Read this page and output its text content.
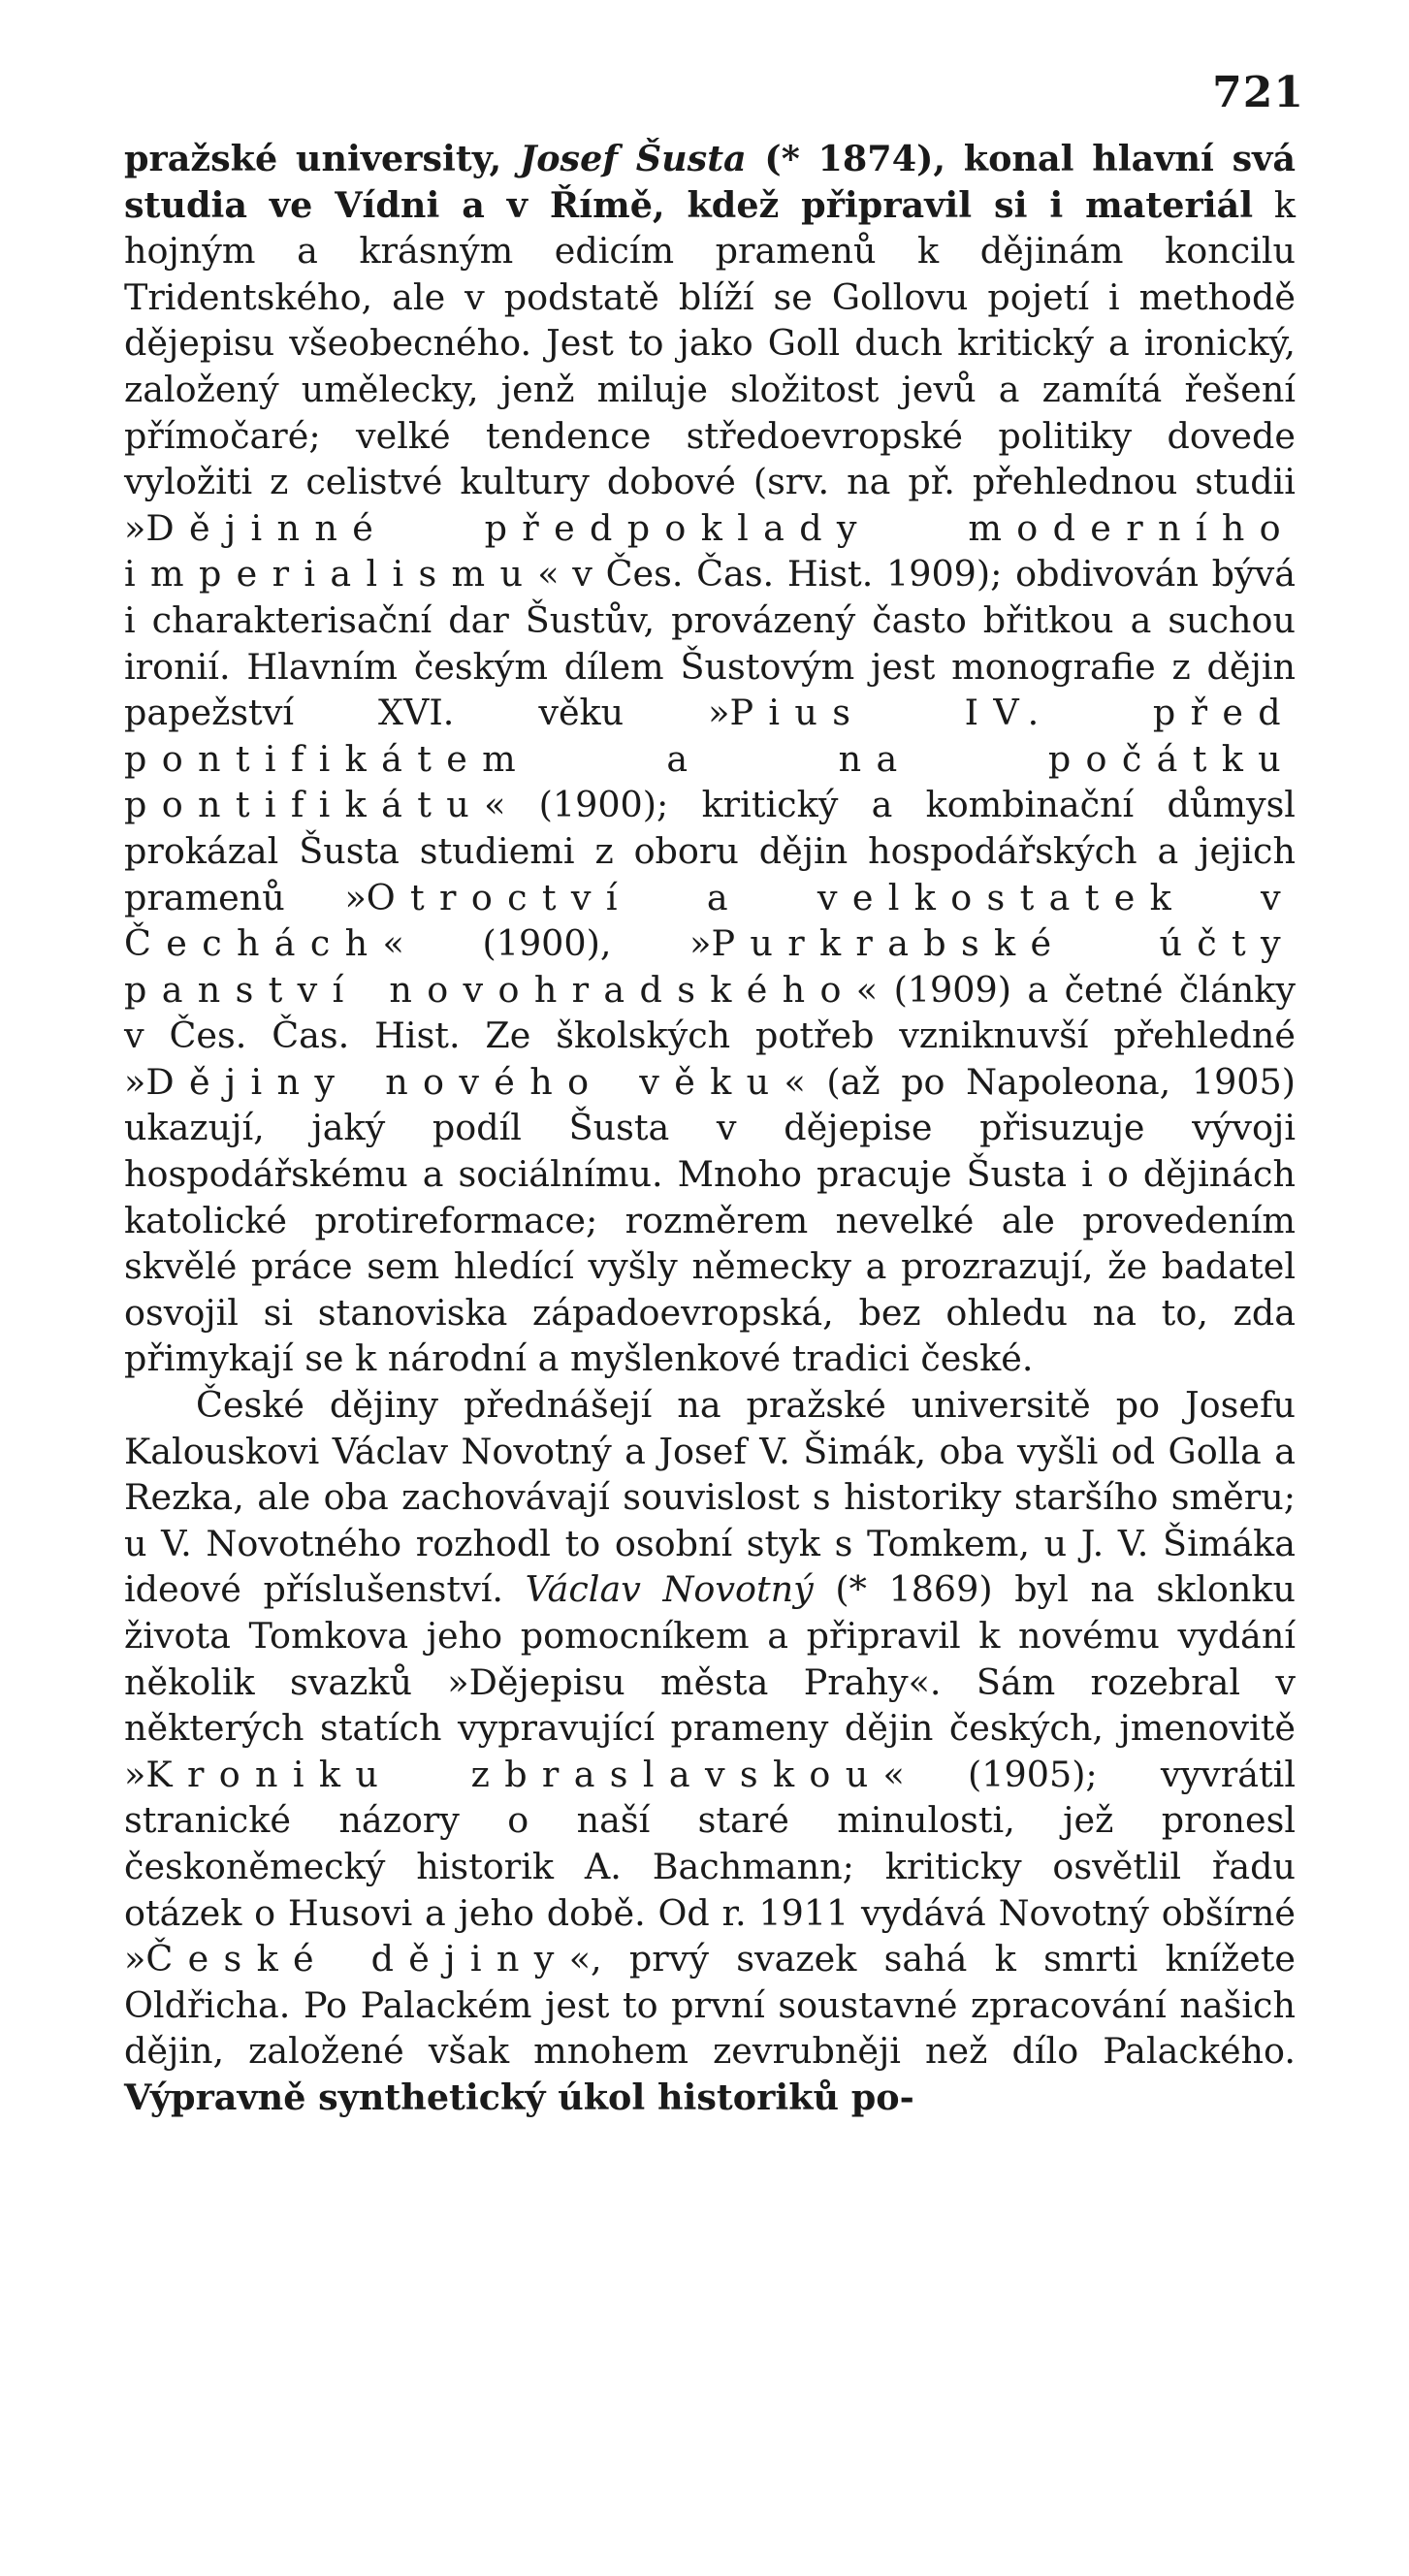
721

pražské university, Josef Šusta (* 1874), konal hlavní svá studia ve Vídni a v Římě, kdež připravil si i materiál k hojným a krásným edicím pramenů k dějinám koncilu Tridentského, ale v podstatě blíží se Gollovu pojetí i methodě dějepisu všeobecného. Jest to jako Goll duch kritický a ironický, založený umělecky, jenž miluje složitost jevů a zamítá řešení přímočaré; velké tendence středoevropské politiky dovede vyložiti z celistvé kultury dobové (srv. na př. přehlednou studii »Dějinné předpoklady moderního imperialismu« v Čes. Čas. Hist. 1909); obdivován bývá i charakterisační dar Šustův, provázený často břitkou a suchou ironií. Hlavním českým dílem Šustovým jest monografie z dějin papežství XVI. věku »Pius IV. před pontifikátem a na počátku pontifikátu« (1900); kritický a kombinační důmysl prokázal Šusta studiemi z oboru dějin hospodářských a jejich pramenů »Otroctví a velkostatek v Čechách« (1900), »Purkrabské účty panství novohradského« (1909) a četné články v Čes. Čas. Hist. Ze školských potřeb vzniknuvší přehledné »Dějiny nového věku« (až po Napoleona, 1905) ukazují, jaký podíl Šusta v dějepise přisuzuje vývoji hospodářskému a sociálnímu. Mnoho pracuje Šusta i o dějinách katolické protireformace; rozměrem nevelké ale provedením skvělé práce sem hledící vyšly německy a prozrazují, že badatel osvojil si stanoviska západoevropská, bez ohledu na to, zda přimykají se k národní a myšlenkové tradici české.

České dějiny přednášejí na pražské universitě po Josefu Kalouskovi Václav Novotný a Josef V. Šimák, oba vyšli od Golla a Rezka, ale oba zachovávají souvislost s historiky staršího směru; u V. Novotného rozhodl to osobní styk s Tomkem, u J. V. Šimáka ideové příslušenství. Václav Novotný (* 1869) byl na sklonku života Tomkova jeho pomocníkem a připravil k novému vydání několik svazků »Dějepisu města Prahy«. Sám rozebral v některých statích vypravující prameny dějin českých, jmenovitě »Kroniku zbraslavskou« (1905); vyvrátil stranické názory o naší staré minulosti, jež pronesl českoněmecký historik A. Bachmann; kriticky osvětlil řadu otázek o Husovi a jeho době. Od r. 1911 vydává Novotný obšírné »České dějiny«, prvý svazek sahá k smrti knížete Oldřicha. Po Palackém jest to první soustavné zpracování našich dějin, založené však mnohem zevrubněji než dílo Palackého. Výpravně synthetický úkol historiků po-
